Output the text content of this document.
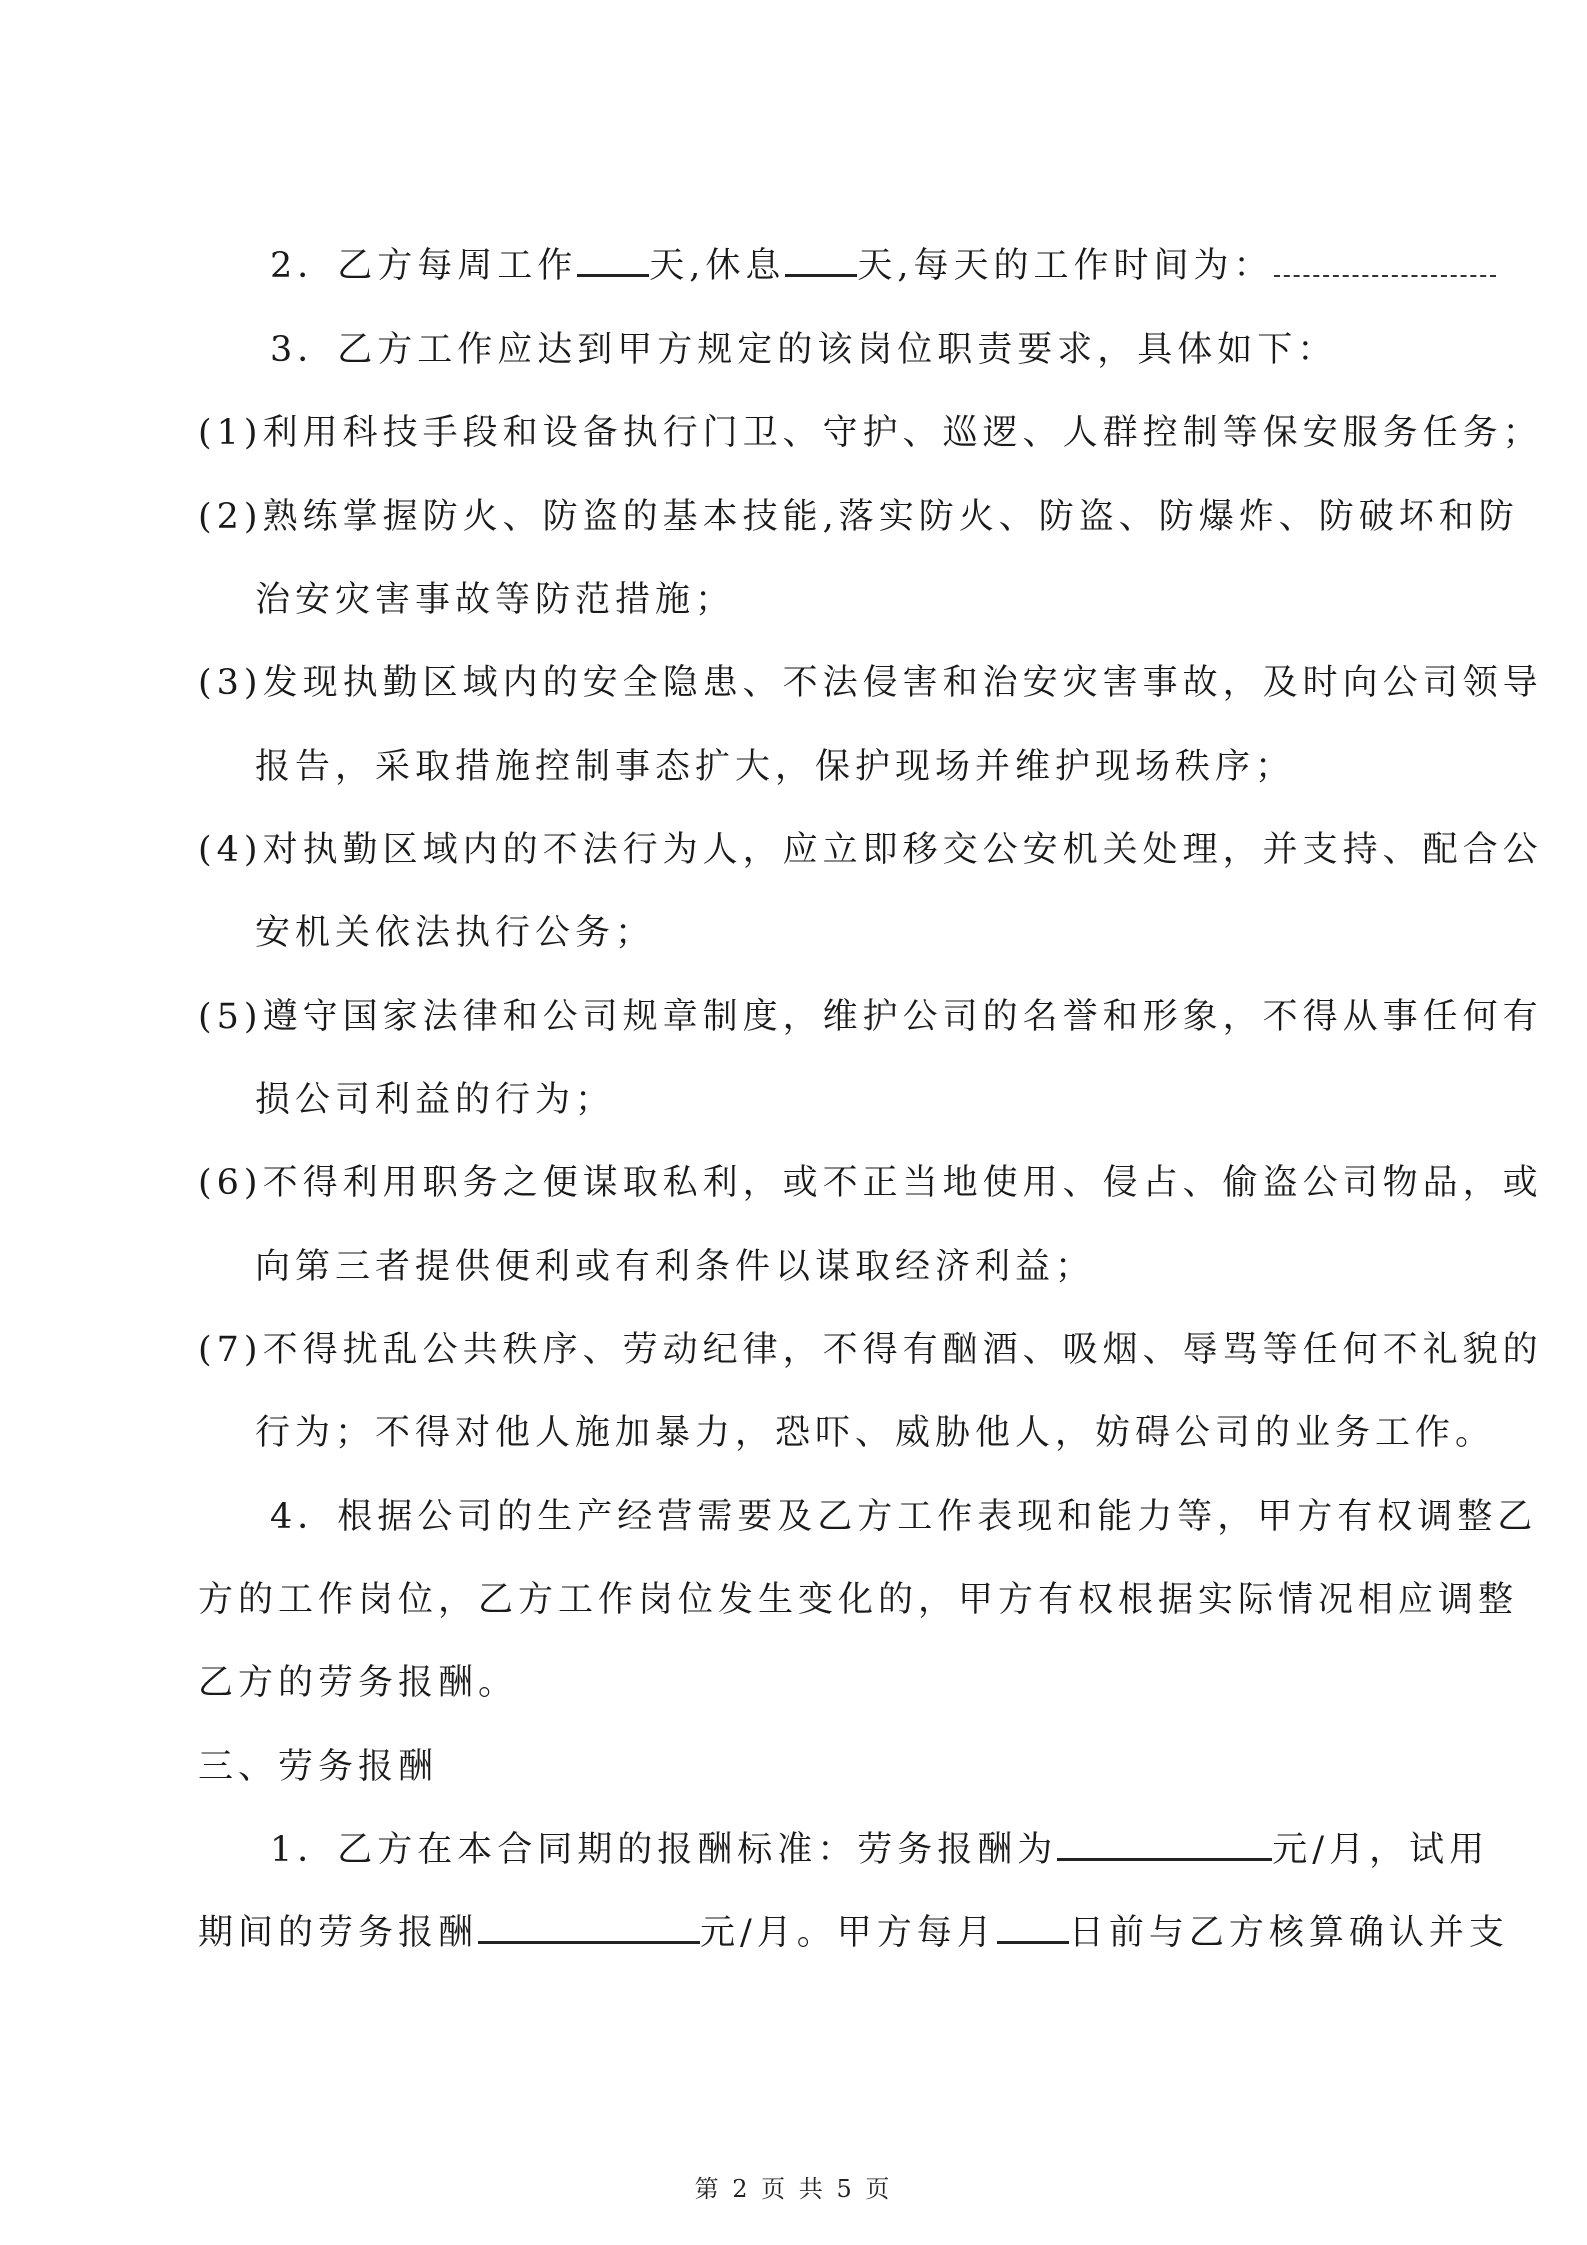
2．乙方每周工作 天,休息 天,每天的工作时间为：
3．乙方工作应达到甲方规定的该岗位职责要求，具体如下：
(1)利用科技手段和设备执行门卫、守护、巡逻、人群控制等保安服务任务；
(2)熟练掌握防火、防盗的基本技能,落实防火、防盗、防爆炸、防破坏和防
治安灾害事故等防范措施；
(3)发现执勤区域内的安全隐患、不法侵害和治安灾害事故，及时向公司领导
报告，采取措施控制事态扩大，保护现场并维护现场秩序；
(4)对执勤区域内的不法行为人，应立即移交公安机关处理，并支持、配合公
安机关依法执行公务；
(5)遵守国家法律和公司规章制度，维护公司的名誉和形象，不得从事任何有
损公司利益的行为；
(6)不得利用职务之便谋取私利，或不正当地使用、侵占、偷盗公司物品，或
向第三者提供便利或有利条件以谋取经济利益；
(7)不得扰乱公共秩序、劳动纪律，不得有酗酒、吸烟、辱骂等任何不礼貌的
行为；不得对他人施加暴力，恐吓、威胁他人，妨碍公司的业务工作。
4．根据公司的生产经营需要及乙方工作表现和能力等，甲方有权调整乙
方的工作岗位，乙方工作岗位发生变化的，甲方有权根据实际情况相应调整
乙方的劳务报酬。
三、劳务报酬
1．乙方在本合同期的报酬标准：劳务报酬为	元/月，试用
期间的劳务报酬	元/月。甲方每月 日前与乙方核算确认并支
第 2 页 共 5 页
